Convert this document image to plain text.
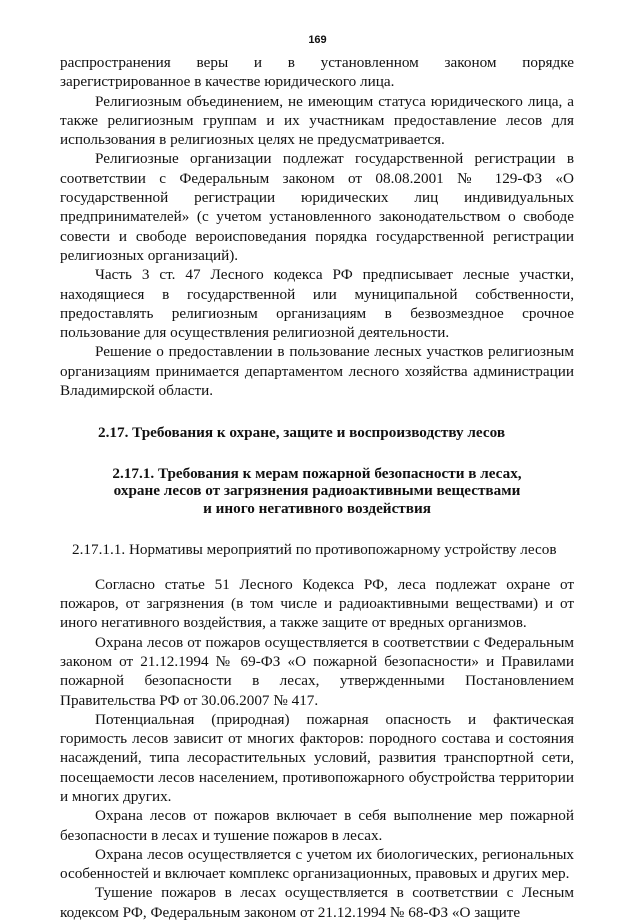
169

распространения веры и в установленном законом порядке зарегистрированное в качестве юридического лица.

Религиозным объединением, не имеющим статуса юридического лица, а также религиозным группам и их участникам предоставление лесов для использования в религиозных целях не предусматривается.

Религиозные организации подлежат государственной регистрации в соответствии с Федеральным законом от 08.08.2001 № 129-ФЗ «О государственной регистрации юридических лиц индивидуальных предпринимателей» (с учетом установленного законодательством о свободе совести и свободе вероисповедания порядка государственной регистрации религиозных организаций).

Часть 3 ст. 47 Лесного кодекса РФ предписывает лесные участки, находящиеся в государственной или муниципальной собственности, предоставлять религиозным организациям в безвозмездное срочное пользование для осуществления религиозной деятельности.

Решение о предоставлении в пользование лесных участков религиозным организациям принимается департаментом лесного хозяйства администрации Владимирской области.

2.17. Требования к охране, защите и воспроизводству лесов
2.17.1. Требования к мерам пожарной безопасности в лесах,
охране лесов от загрязнения радиоактивными веществами
и иного негативного воздействия
2.17.1.1. Нормативы мероприятий по противопожарному устройству лесов

Согласно статье 51 Лесного Кодекса РФ, леса подлежат охране от пожаров, от загрязнения (в том числе и радиоактивными веществами) и от иного негативного воздействия, а также защите от вредных организмов.

Охрана лесов от пожаров осуществляется в соответствии с Федеральным законом от 21.12.1994 № 69-ФЗ «О пожарной безопасности» и Правилами пожарной безопасности в лесах, утвержденными Постановлением Правительства РФ от 30.06.2007 № 417.

Потенциальная (природная) пожарная опасность и фактическая горимость лесов зависит от многих факторов: породного состава и состояния насаждений, типа лесорастительных условий, развития транспортной сети, посещаемости лесов населением, противопожарного обустройства территории и многих других.

Охрана лесов от пожаров включает в себя выполнение мер пожарной безопасности в лесах и тушение пожаров в лесах.

Охрана лесов осуществляется с учетом их биологических, региональных особенностей и включает комплекс организационных, правовых и других мер.

Тушение пожаров в лесах осуществляется в соответствии с Лесным кодексом РФ, Федеральным законом от 21.12.1994 № 68-ФЗ «О защите
